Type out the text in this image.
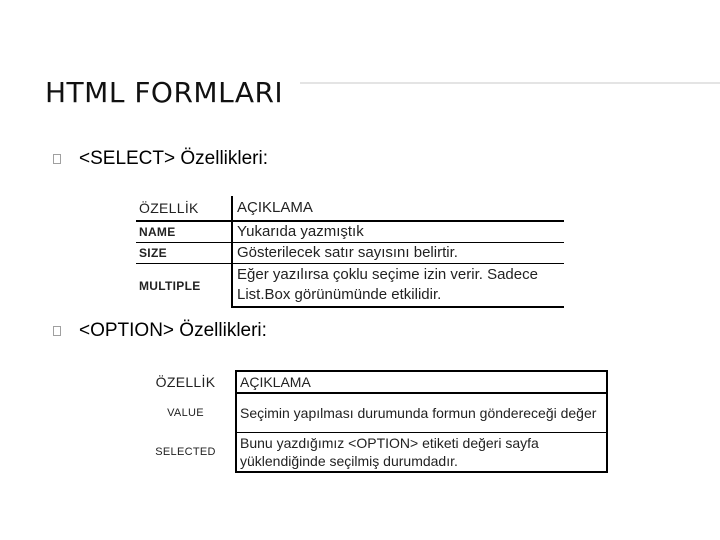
HTML FORMLARI
<SELECT> Özellikleri:
ÖZELLİK	AÇIKLAMA
NAME	Yukarıda yazmıştık
SIZE	Gösterilecek satır sayısını belirtir.
MULTIPLE	Eğer yazılırsa çoklu seçime izin verir. Sadece List.Box görünümünde etkilidir.
<OPTION> Özellikleri:
ÖZELLİK	AÇIKLAMA
VALUE	Seçimin yapılması durumunda formun göndereceği değer
SELECTED	Bunu yazdığımız <OPTION> etiketi değeri sayfa yüklendiğinde seçilmiş durumdadır.
